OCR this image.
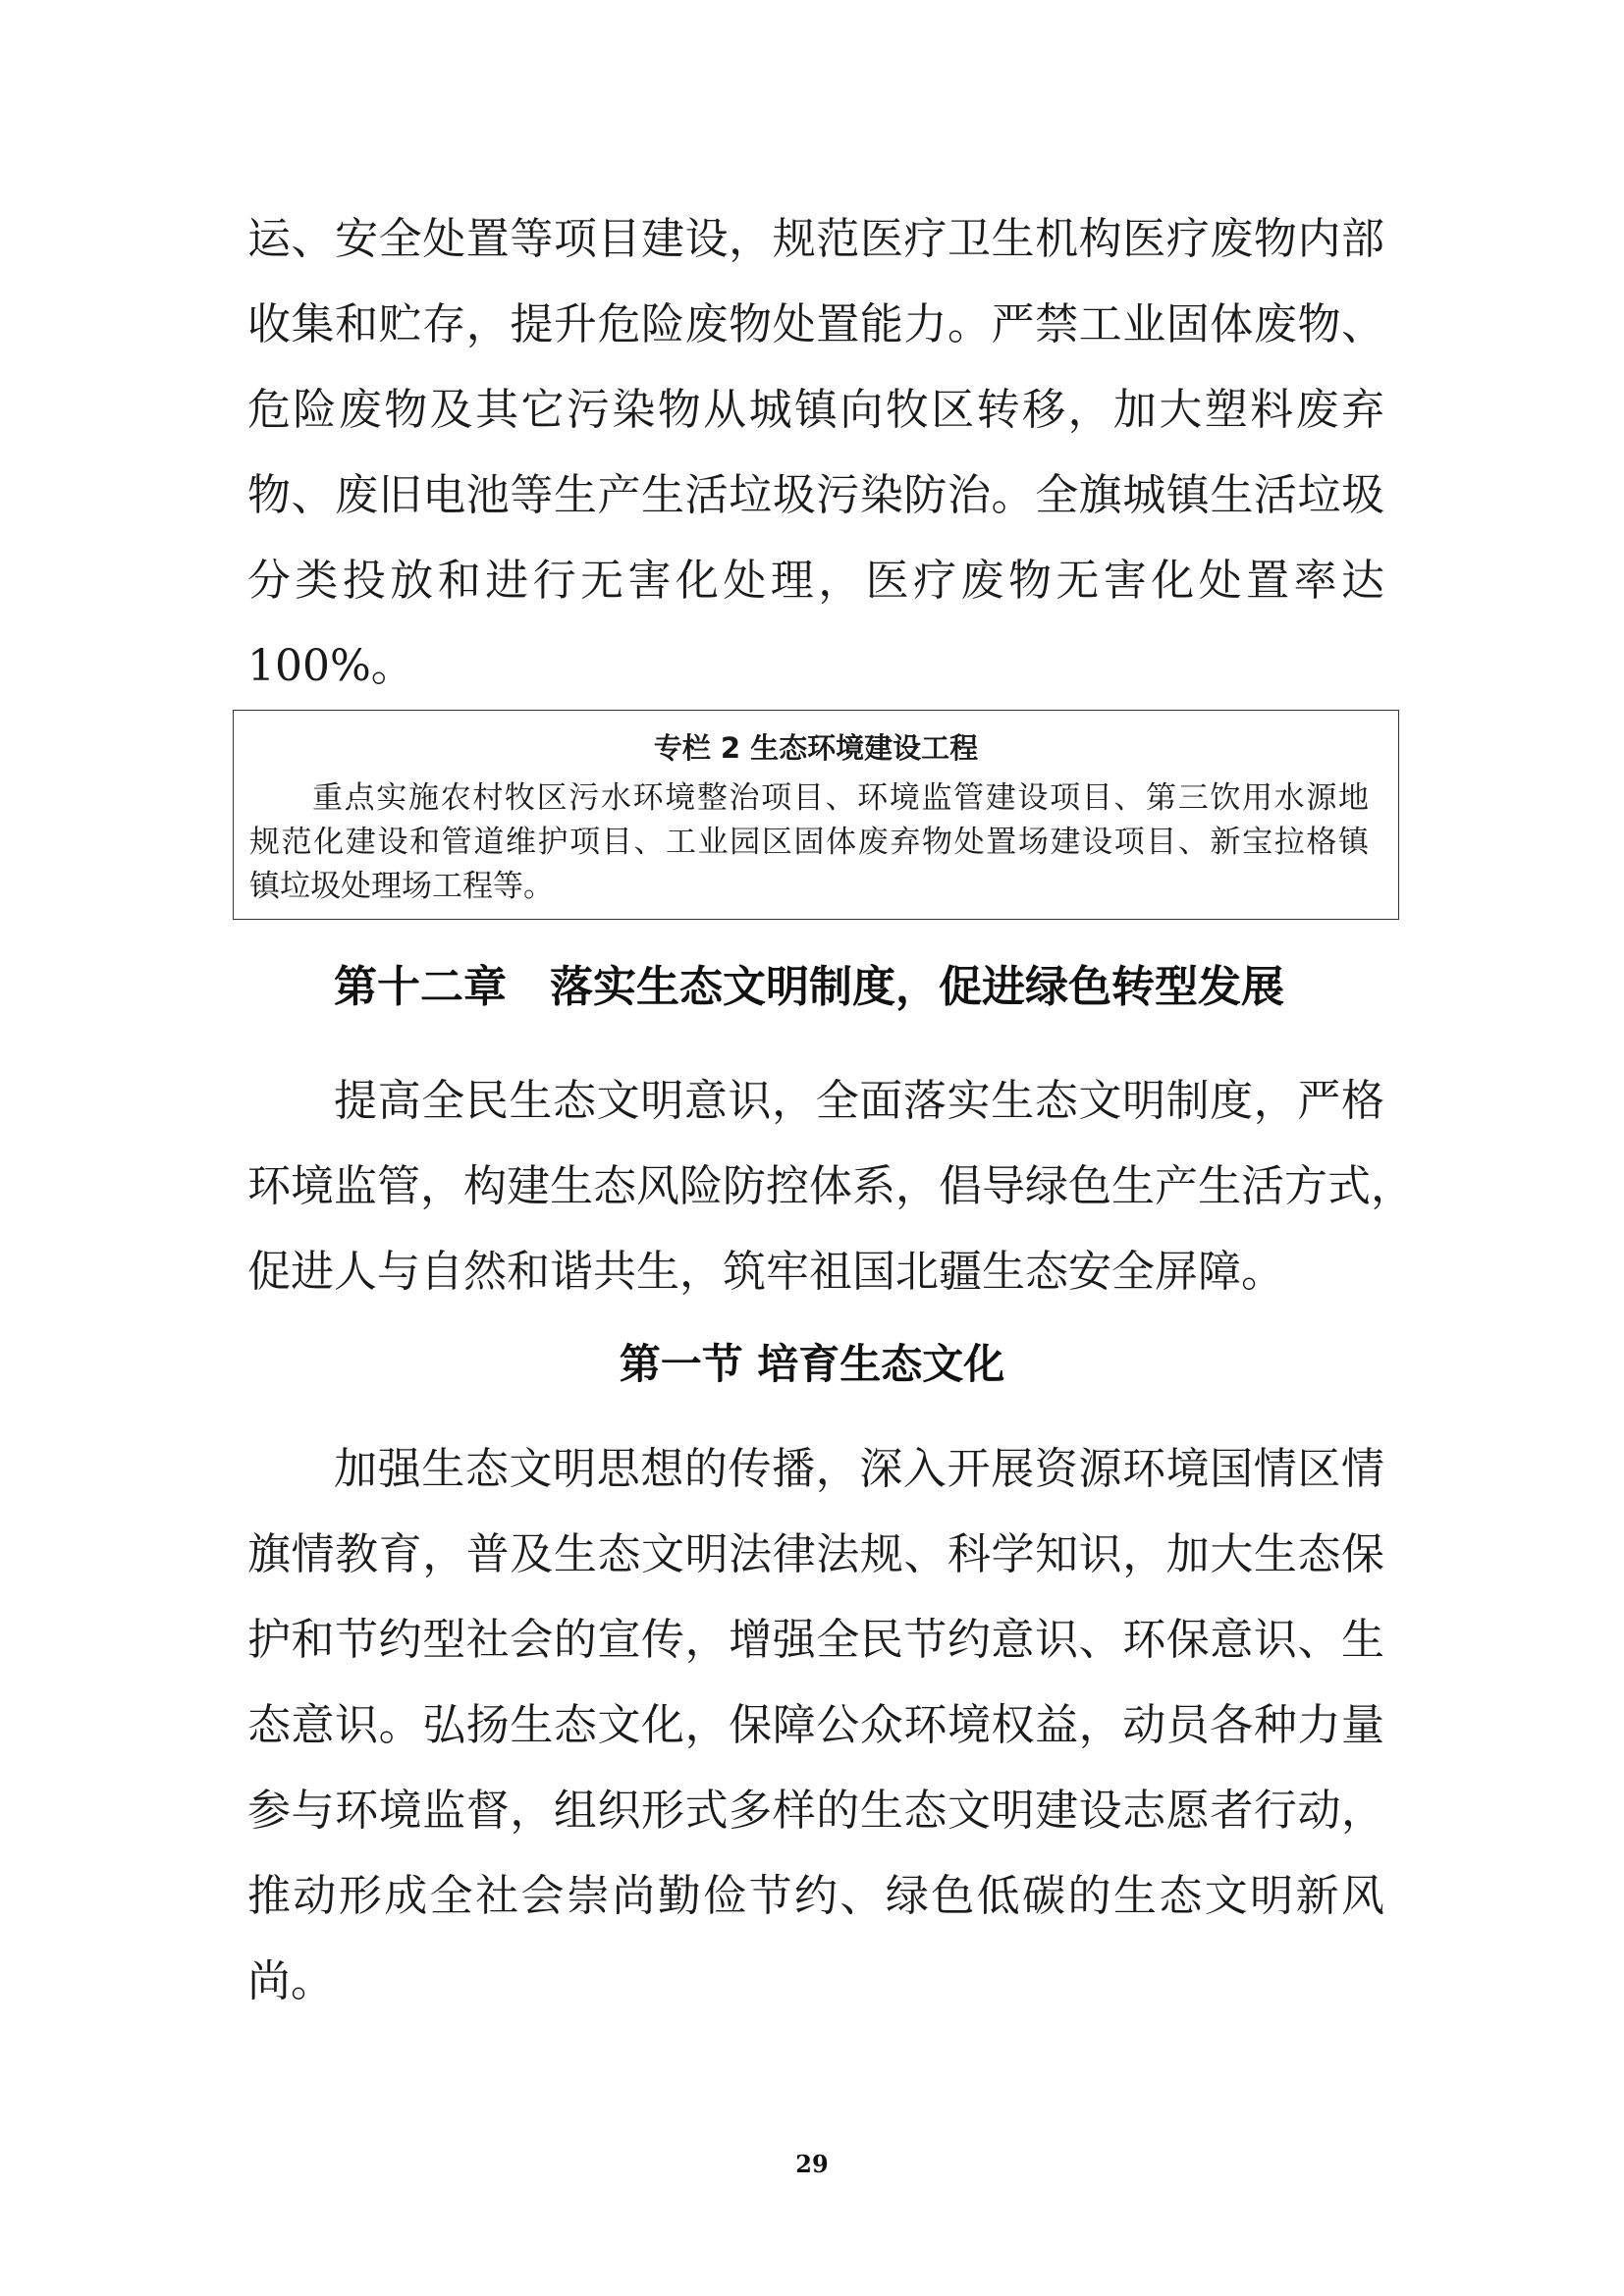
运、安全处置等项目建设，规范医疗卫生机构医疗废物内部
收集和贮存，提升危险废物处置能力。严禁工业固体废物、
危险废物及其它污染物从城镇向牧区转移，加大塑料废弃
物、废旧电池等生产生活垃圾污染防治。全旗城镇生活垃圾
分类投放和进行无害化处理，医疗废物无害化处置率达
100%。
专栏 2 生态环境建设工程
重点实施农村牧区污水环境整治项目、环境监管建设项目、第三饮用水源地
规范化建设和管道维护项目、工业园区固体废弃物处置场建设项目、新宝拉格镇
镇垃圾处理场工程等。
第十二章　落实生态文明制度，促进绿色转型发展
提高全民生态文明意识，全面落实生态文明制度，严格
环境监管，构建生态风险防控体系，倡导绿色生产生活方式，
促进人与自然和谐共生，筑牢祖国北疆生态安全屏障。
第一节 培育生态文化
加强生态文明思想的传播，深入开展资源环境国情区情
旗情教育，普及生态文明法律法规、科学知识，加大生态保
护和节约型社会的宣传，增强全民节约意识、环保意识、生
态意识。弘扬生态文化，保障公众环境权益，动员各种力量
参与环境监督，组织形式多样的生态文明建设志愿者行动，
推动形成全社会崇尚勤俭节约、绿色低碳的生态文明新风
尚。
29
